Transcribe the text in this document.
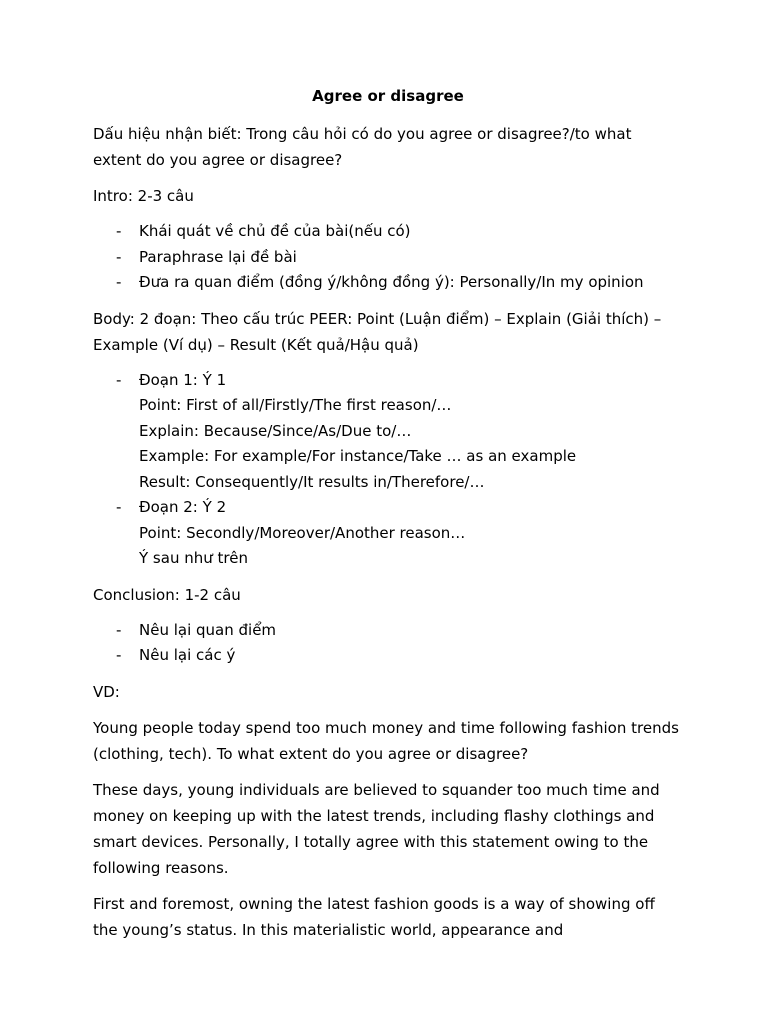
Agree or disagree

Dấu hiệu nhận biết: Trong câu hỏi có do you agree or disagree?/to what extent do you agree or disagree?

Intro: 2-3 câu

- Khái quát về chủ đề của bài(nếu có)
- Paraphrase lại đề bài
- Đưa ra quan điểm (đồng ý/không đồng ý): Personally/In my opinion

Body: 2 đoạn: Theo cấu trúc PEER: Point (Luận điểm) – Explain (Giải thích) – Example (Ví dụ) – Result (Kết quả/Hậu quả)

- Đoạn 1: Ý 1
Point: First of all/Firstly/The first reason/…
Explain: Because/Since/As/Due to/…
Example: For example/For instance/Take … as an example
Result: Consequently/It results in/Therefore/…
- Đoạn 2: Ý 2
Point: Secondly/Moreover/Another reason…
Ý sau như trên

Conclusion: 1-2 câu

- Nêu lại quan điểm
- Nêu lại các ý

VD:

Young people today spend too much money and time following fashion trends (clothing, tech). To what extent do you agree or disagree?

These days, young individuals are believed to squander too much time and money on keeping up with the latest trends, including flashy clothings and smart devices. Personally, I totally agree with this statement owing to the following reasons.

First and foremost, owning the latest fashion goods is a way of showing off the young’s status. In this materialistic world, appearance and
